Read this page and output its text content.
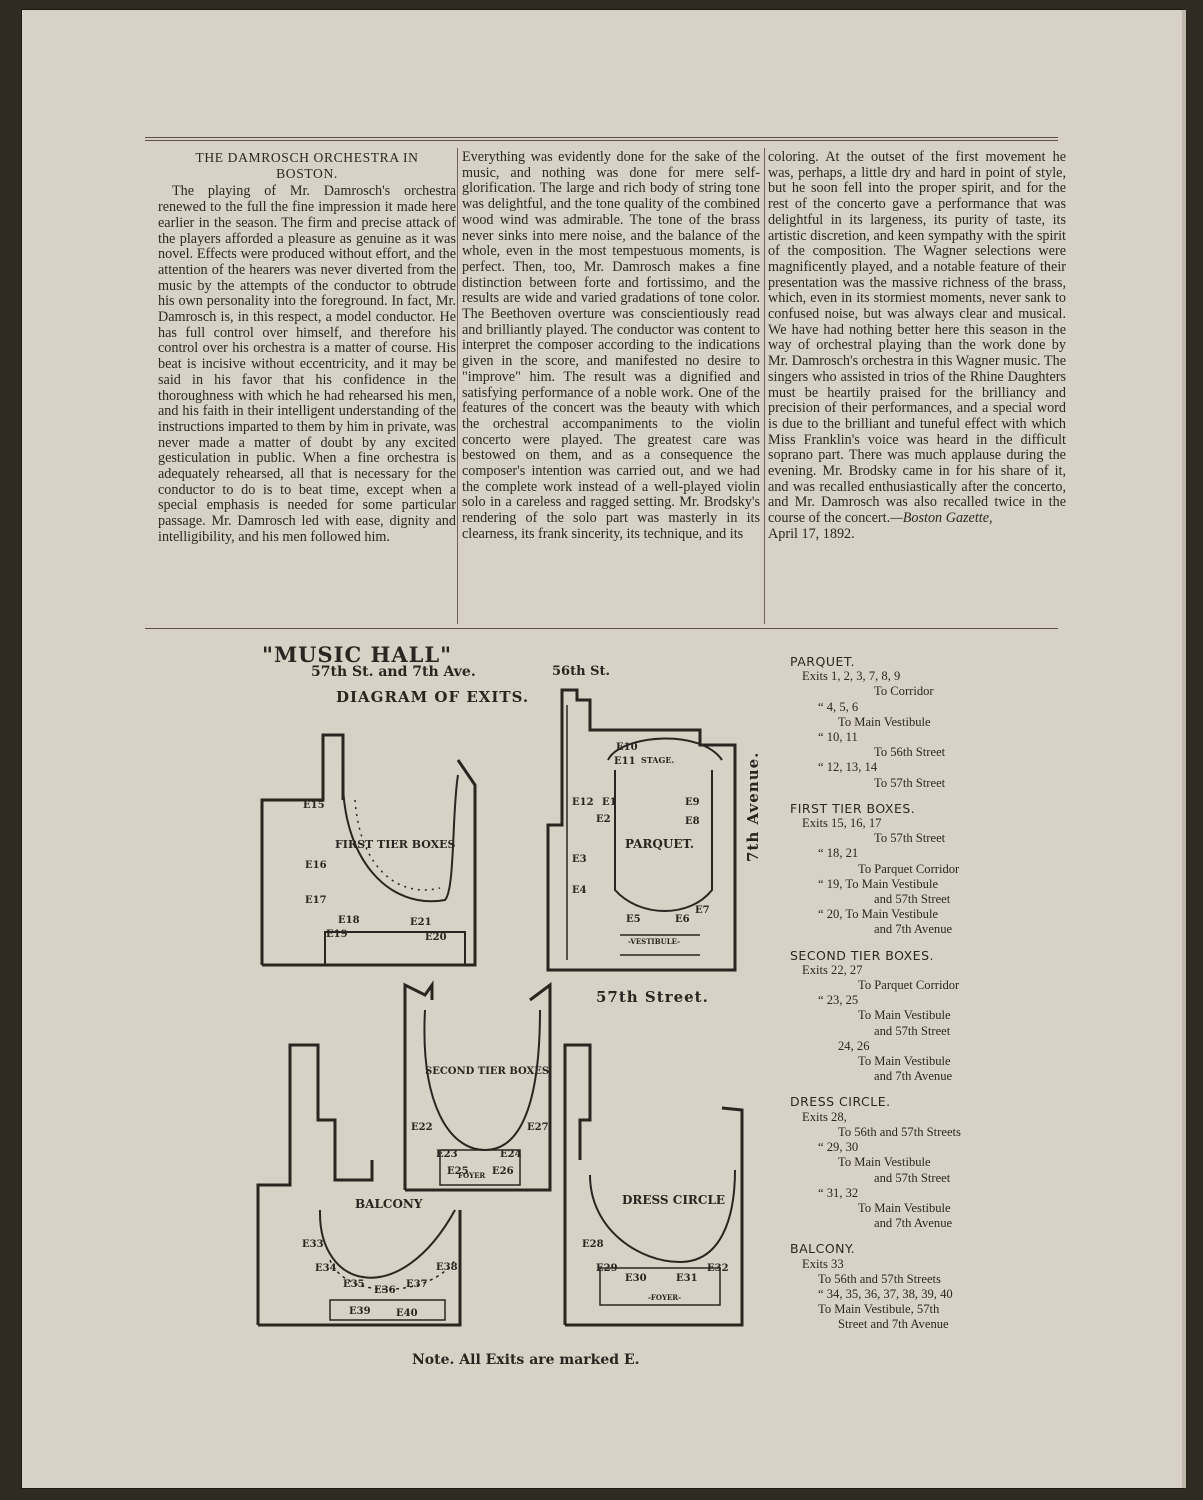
THE DAMROSCH ORCHESTRA IN
BOSTON.

The playing of Mr. Damrosch's orchestra renewed to the full the fine impression it made here earlier in the season. The firm and precise attack of the players afforded a pleasure as genuine as it was novel. Effects were produced without effort, and the attention of the hearers was never diverted from the music by the attempts of the conductor to obtrude his own personality into the foreground. In fact, Mr. Damrosch is, in this respect, a model conductor. He has full control over himself, and therefore his control over his orchestra is a matter of course. His beat is incisive without eccentricity, and it may be said in his favor that his confidence in the thoroughness with which he had rehearsed his men, and his faith in their intelligent understanding of the instructions imparted to them by him in private, was never made a matter of doubt by any excited gesticulation in public. When a fine orchestra is adequately rehearsed, all that is necessary for the conductor to do is to beat time, except when a special emphasis is needed for some particular passage. Mr. Damrosch led with ease, dignity and intelligibility, and his men followed him.

Everything was evidently done for the sake of the music, and nothing was done for mere self-glorification. The large and rich body of string tone was delightful, and the tone quality of the combined wood wind was admirable. The tone of the brass never sinks into mere noise, and the balance of the whole, even in the most tempestuous moments, is perfect. Then, too, Mr. Damrosch makes a fine distinction between forte and fortissimo, and the results are wide and varied gradations of tone color. The Beethoven overture was conscientiously read and brilliantly played. The conductor was content to interpret the composer according to the indications given in the score, and manifested no desire to "improve" him. The result was a dignified and satisfying performance of a noble work. One of the features of the concert was the beauty with which the orchestral accompaniments to the violin concerto were played. The greatest care was bestowed on them, and as a consequence the composer's intention was carried out, and we had the complete work instead of a well-played violin solo in a careless and ragged setting. Mr. Brodsky's rendering of the solo part was masterly in its clearness, its frank sincerity, its technique, and its

coloring. At the outset of the first movement he was, perhaps, a little dry and hard in point of style, but he soon fell into the proper spirit, and for the rest of the concerto gave a performance that was delightful in its largeness, its purity of taste, its artistic discretion, and keen sympathy with the spirit of the composition. The Wagner selections were magnificently played, and a notable feature of their presentation was the massive richness of the brass, which, even in its stormiest moments, never sank to confused noise, but was always clear and musical. We have had nothing better here this season in the way of orchestral playing than the work done by Mr. Damrosch's orchestra in this Wagner music. The singers who assisted in trios of the Rhine Daughters must be heartily praised for the brilliancy and precision of their performances, and a special word is due to the brilliant and tuneful effect with which Miss Franklin's voice was heard in the difficult soprano part. There was much applause during the evening. Mr. Brodsky came in for his share of it, and was recalled enthusiastically after the concerto, and Mr. Damrosch was also recalled twice in the course of the concert.—Boston Gazette,
April 17, 1892.

"MUSIC HALL"
57th St. and 7th Ave.
DIAGRAM OF EXITS.
56th St.
57th Street.
7th Avenue.
Note. All Exits are marked E.
FIRST TIER BOXES	PARQUET.
STAGE.
-VESTIBULE-
SECOND TIER BOXES
FOYER
BALCONY	DRESS CIRCLE
-FOYER-
E1
E2
E3
E4
E5	E6
E7
E8
E9
E10
E11
E12
E15
E16
E17
E18
E19	E20
E21
E22
E23	E24
E25 E26
E27
E28
E29
E30	E31
E32
E33
E34
E35
E36
E37
E38
E39	E40
PARQUET.
Exits 1, 2, 3, 7, 8, 9
To Corridor
“ 4, 5, 6
To Main Vestibule
“ 10, 11
To 56th Street
“ 12, 13, 14
To 57th Street
FIRST TIER BOXES.
Exits 15, 16, 17
To 57th Street
“ 18, 21
To Parquet Corridor
“ 19, To Main Vestibule
and 57th Street
“ 20, To Main Vestibule
and 7th Avenue
SECOND TIER BOXES.
Exits 22, 27
To Parquet Corridor
“ 23, 25
To Main Vestibule
and 57th Street
24, 26
To Main Vestibule
and 7th Avenue
DRESS CIRCLE.
Exits 28,
To 56th and 57th Streets
“ 29, 30
To Main Vestibule
and 57th Street
“ 31, 32
To Main Vestibule
and 7th Avenue
BALCONY.
Exits 33
To 56th and 57th Streets
“ 34, 35, 36, 37, 38, 39, 40
To Main Vestibule, 57th
Street and 7th Avenue
